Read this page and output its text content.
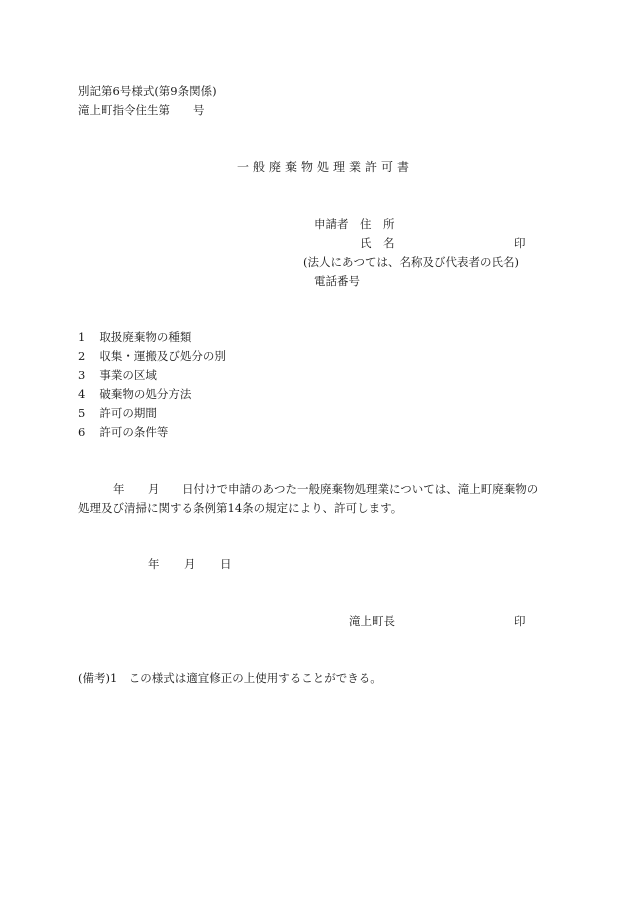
別記第6号様式(第9条関係)
滝上町指令住生第　　号
一般廃棄物処理業許可書
申請者 住　所
氏　名	印
(法人にあつては、名称及び代表者の氏名)
電話番号
1 取扱廃棄物の種類
2 収集・運搬及び処分の別
3 事業の区域
4 破棄物の処分方法
5 許可の期間
6 許可の条件等
年 月 日付けで申請のあつた一般廃棄物処理業については、滝上町廃棄物の
処理及び清掃に関する条例第14条の規定により、許可します。
年 月 日
滝上町長	印
(備考)1　この様式は適宜修正の上使用することができる。
